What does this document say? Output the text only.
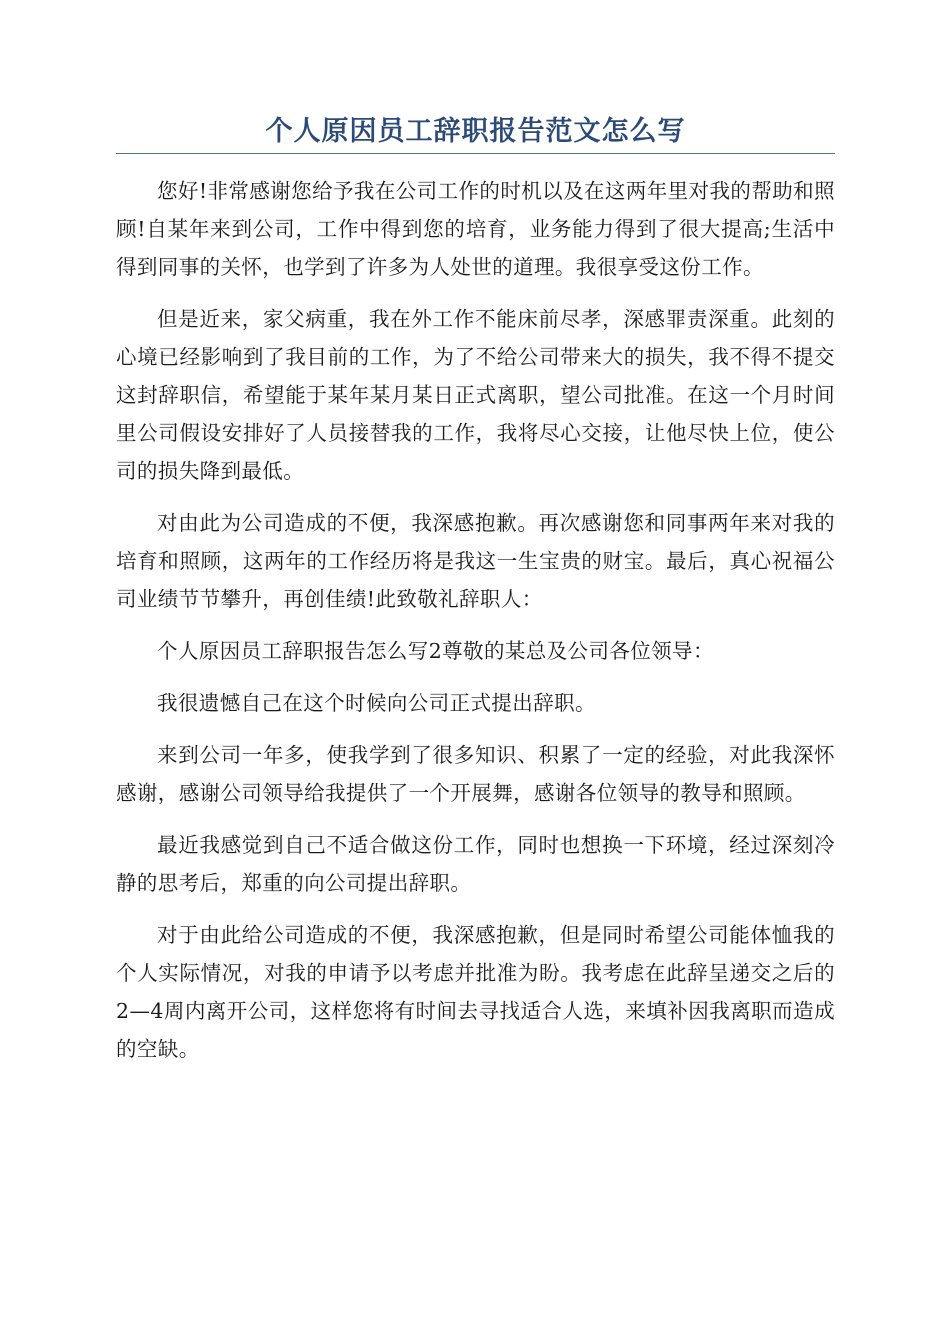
个人原因员工辞职报告范文怎么写

您好!非常感谢您给予我在公司工作的时机以及在这两年里对我的帮助和照顾!自某年来到公司，工作中得到您的培育，业务能力得到了很大提高;生活中得到同事的关怀，也学到了许多为人处世的道理。我很享受这份工作。

但是近来，家父病重，我在外工作不能床前尽孝，深感罪责深重。此刻的心境已经影响到了我目前的工作，为了不给公司带来大的损失，我不得不提交这封辞职信，希望能于某年某月某日正式离职，望公司批准。在这一个月时间里公司假设安排好了人员接替我的工作，我将尽心交接，让他尽快上位，使公司的损失降到最低。

对由此为公司造成的不便，我深感抱歉。再次感谢您和同事两年来对我的培育和照顾，这两年的工作经历将是我这一生宝贵的财宝。最后，真心祝福公司业绩节节攀升，再创佳绩!此致敬礼辞职人：

个人原因员工辞职报告怎么写2尊敬的某总及公司各位领导：

我很遗憾自己在这个时候向公司正式提出辞职。

来到公司一年多，使我学到了很多知识、积累了一定的经验，对此我深怀感谢，感谢公司领导给我提供了一个开展舞，感谢各位领导的教导和照顾。

最近我感觉到自己不适合做这份工作，同时也想换一下环境，经过深刻冷静的思考后，郑重的向公司提出辞职。

对于由此给公司造成的不便，我深感抱歉，但是同时希望公司能体恤我的个人实际情况，对我的申请予以考虑并批准为盼。我考虑在此辞呈递交之后的2—4周内离开公司，这样您将有时间去寻找适合人选，来填补因我离职而造成的空缺。
